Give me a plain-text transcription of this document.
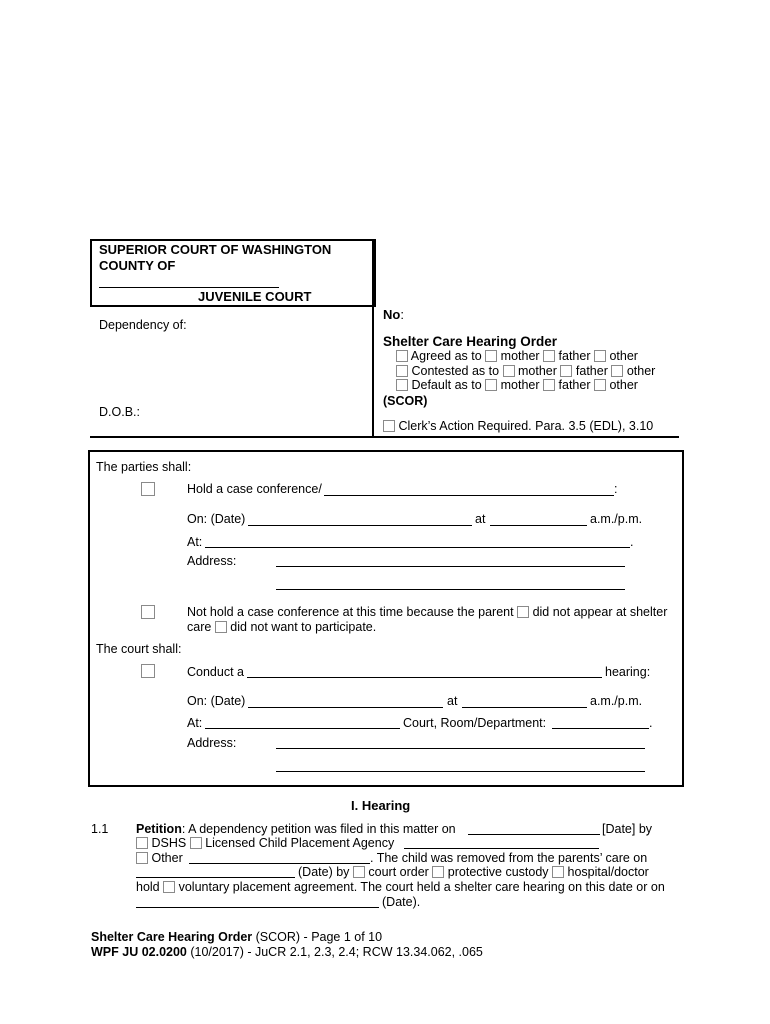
SUPERIOR COURT OF WASHINGTON
COUNTY OF
JUVENILE COURT
Dependency of:
D.O.B.:
No:
Shelter Care Hearing Order
Agreed as to mother father other
Contested as to mother father other
Default as to mother father other
(SCOR)
Clerk’s Action Required. Para. 3.5 (EDL), 3.10
The parties shall:
Hold a case conference/	:
On: (Date)	at	a.m./p.m.
At:	.
Address:
Not hold a case conference at this time because the parent did not appear at shelter
care did not want to participate.
The court shall:
Conduct a	hearing:
On: (Date)	at	a.m./p.m.
At:	Court, Room/Department:	.
Address:
I. Hearing
1.1 Petition: A dependency petition was filed in this matter on	[Date] by
DSHS Licensed Child Placement Agency
Other	. The child was removed from the parents’ care on
(Date) by court order protective custody hospital/doctor
hold voluntary placement agreement. The court held a shelter care hearing on this date or on
(Date).
Shelter Care Hearing Order (SCOR) - Page 1 of 10
WPF JU 02.0200 (10/2017) - JuCR 2.1, 2.3, 2.4; RCW 13.34.062, .065
